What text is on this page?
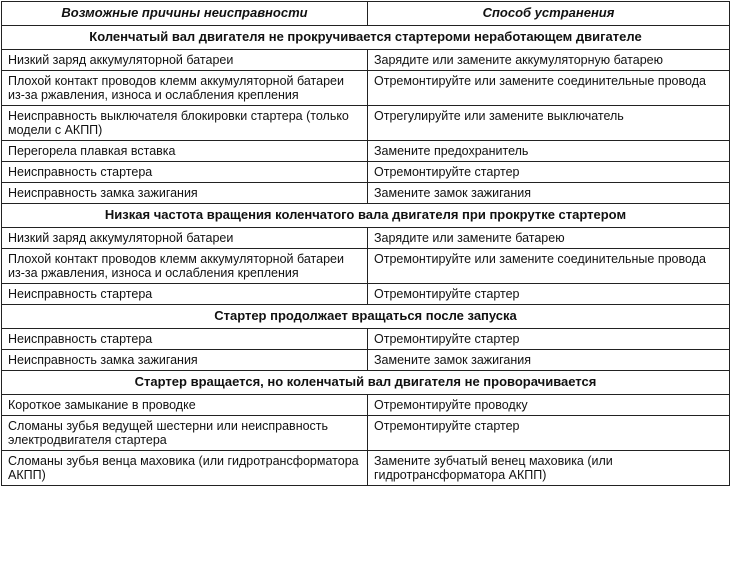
Возможные причины неисправности	Способ устранения
Коленчатый вал двигателя не прокручивается стартероми неработающем двигателе	
Низкий заряд аккумуляторной батареи	Зарядите или замените аккумуляторную батарею
Плохой контакт проводов клемм аккумуляторной батареи из-за ржавления, износа и ослабления крепления	Отремонтируйте или замените соединительные провода
Неисправность выключателя блокировки стартера (только модели с АКПП)	Отрегулируйте или замените выключатель
Перегорела плавкая вставка	Замените предохранитель
Неисправность стартера	Отремонтируйте стартер
Неисправность замка зажигания	Замените замок зажигания
Низкая частота вращения коленчатого вала двигателя при прокрутке стартером	
Низкий заряд аккумуляторной батареи	Зарядите или замените батарею
Плохой контакт проводов клемм аккумуляторной батареи из-за ржавления, износа и ослабления крепления	Отремонтируйте или замените соединительные провода
Неисправность стартера	Отремонтируйте стартер
Стартер продолжает вращаться после запуска	
Неисправность стартера	Отремонтируйте стартер
Неисправность замка зажигания	Замените замок зажигания
Стартер вращается, но коленчатый вал двигателя не проворачивается	
Короткое замыкание в проводке	Отремонтируйте проводку
Сломаны зубья ведущей шестерни или неисправность электродвигателя стартера	Отремонтируйте стартер
Сломаны зубья венца маховика (или гидротрансформатора АКПП)	Замените зубчатый венец маховика (или гидротрансформатора АКПП)
